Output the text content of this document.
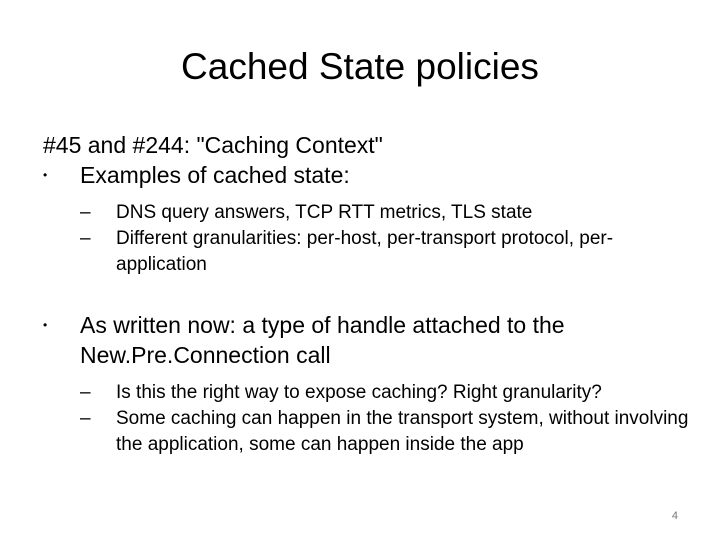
Cached State policies

#45 and #244: "Caching Context"

•	Examples of cached state:
– DNS query answers, TCP RTT metrics, TLS state
– Different granularities: per-host, per-transport protocol, per-application
•	As written now: a type of handle attached to the New.Pre.Connection call
– Is this the right way to expose caching? Right granularity?
– Some caching can happen in the transport system, without involving the application, some can happen inside the app
4
